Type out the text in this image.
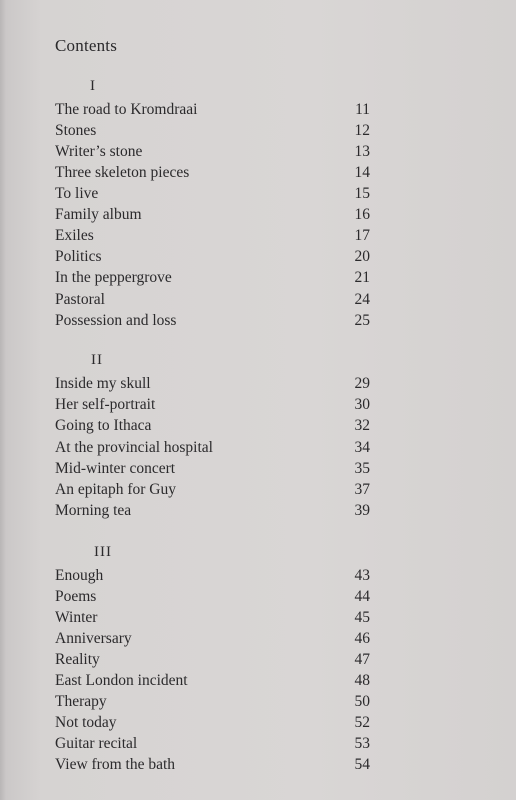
Contents
I
The road to Kromdraai	11
Stones	12
Writer’s stone	13
Three skeleton pieces	14
To live	15
Family album	16
Exiles	17
Politics	20
In the peppergrove	21
Pastoral	24
Possession and loss	25
II
Inside my skull	29
Her self-portrait	30
Going to Ithaca	32
At the provincial hospital	34
Mid-winter concert	35
An epitaph for Guy	37
Morning tea	39
III
Enough	43
Poems	44
Winter	45
Anniversary	46
Reality	47
East London incident	48
Therapy	50
Not today	52
Guitar recital	53
View from the bath	54
